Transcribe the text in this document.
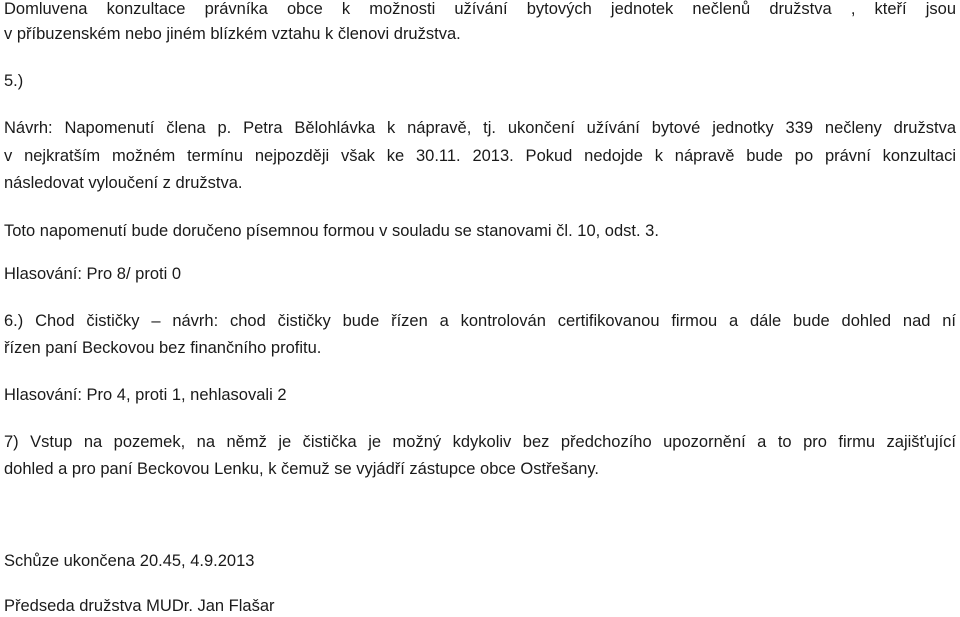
Domluvena konzultace právníka obce k možnosti užívání bytových jednotek nečlenů družstva , kteří jsou
v příbuzenském nebo jiném blízkém vztahu k členovi družstva.
5.)
Návrh: Napomenutí člena p. Petra Bělohlávka k nápravě, tj. ukončení užívání bytové jednotky 339 nečleny družstva
v nejkratším možném termínu nejpozději však ke 30.11. 2013. Pokud nedojde k nápravě bude po právní konzultaci
následovat vyloučení z družstva.
Toto napomenutí bude doručeno písemnou formou v souladu se stanovami čl. 10, odst. 3.
Hlasování: Pro 8/ proti 0
6.) Chod čističky – návrh: chod čističky bude řízen a kontrolován certifikovanou firmou a dále bude dohled nad ní
řízen paní Beckovou bez finančního profitu.
Hlasování: Pro 4, proti 1, nehlasovali 2
7) Vstup na pozemek, na němž je čistička je možný kdykoliv bez předchozího upozornění a to pro firmu zajišťující
dohled a pro paní Beckovou Lenku, k čemuž se vyjádří zástupce obce Ostřešany.
Schůze ukončena 20.45, 4.9.2013
Předseda družstva MUDr. Jan Flašar
